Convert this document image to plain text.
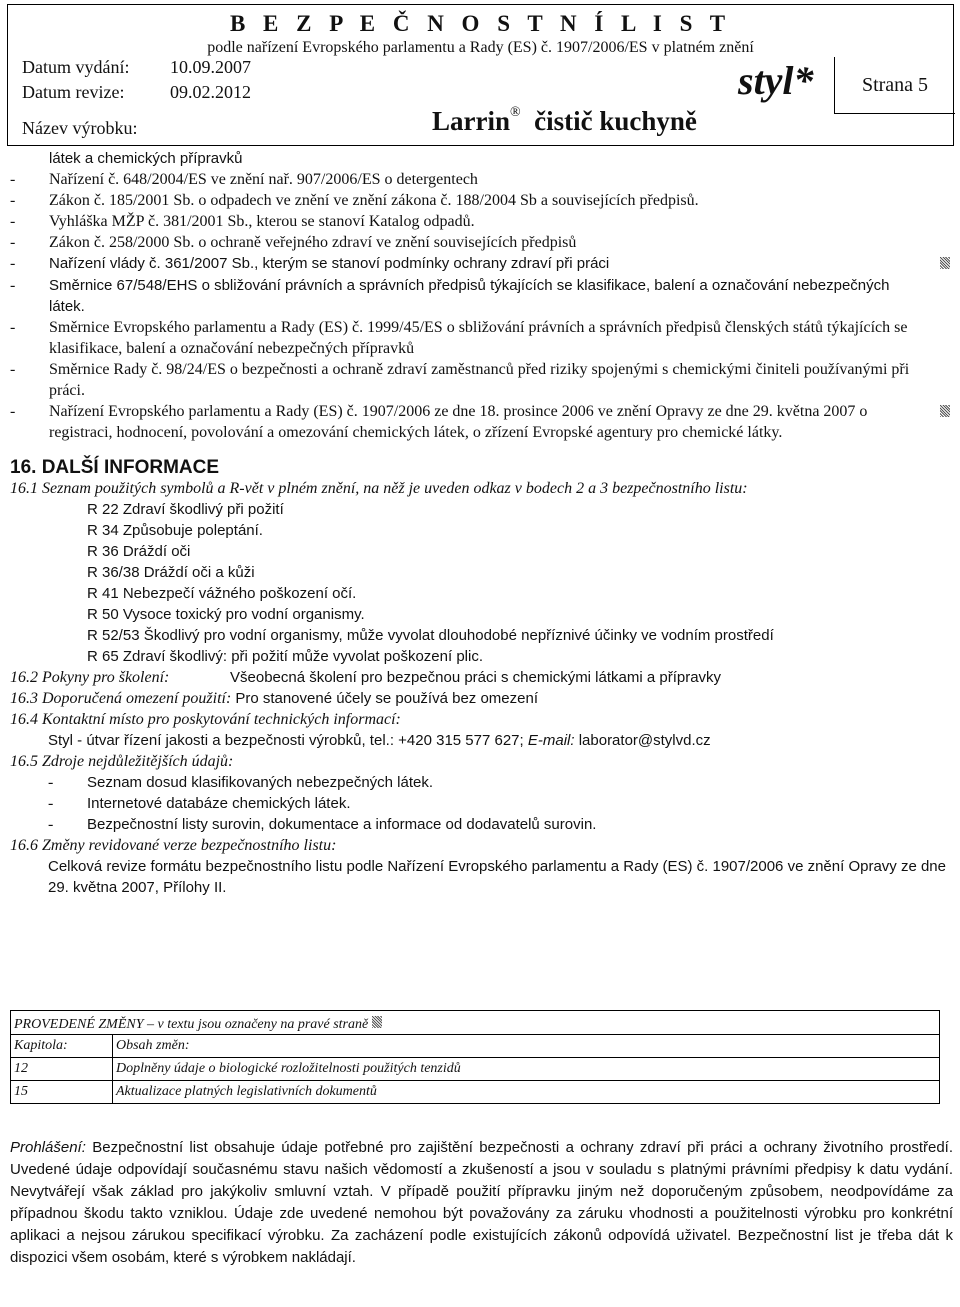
B E Z P E Č N O S T N Í L I S T
podle nařízení Evropského parlamentu a Rady (ES) č. 1907/2006/ES v platném znění
Datum vydání: 10.09.2007
Datum revize:	09.02.2012	styl*	Strana 5
Název výrobku:	Larrin® čistič kuchyně
látek a chemických přípravků
-	Nařízení č. 648/2004/ES ve znění nař. 907/2006/ES o detergentech
-	Zákon č. 185/2001 Sb. o odpadech ve znění ve znění zákona č. 188/2004 Sb a souvisejících předpisů.
-	Vyhláška MŽP č. 381/2001 Sb., kterou se stanoví Katalog odpadů.
-	Zákon č. 258/2000 Sb. o ochraně veřejného zdraví ve znění souvisejících předpisů
-	Nařízení vlády č. 361/2007 Sb., kterým se stanoví podmínky ochrany zdraví při práci
-	Směrnice 67/548/EHS o sbližování právních a správních předpisů týkajících se klasifikace, balení a označování nebezpečných látek.
-	Směrnice Evropského parlamentu a Rady (ES) č. 1999/45/ES o sbližování právních a správních předpisů členských států týkajících se klasifikace, balení a označování nebezpečných přípravků
-	Směrnice Rady č. 98/24/ES o bezpečnosti a ochraně zdraví zaměstnanců před riziky spojenými s chemickými činiteli používanými při práci.
-	Nařízení Evropského parlamentu a Rady (ES) č. 1907/2006 ze dne 18. prosince 2006 ve znění Opravy ze dne 29. května 2007 o registraci, hodnocení, povolování a omezování chemických látek, o zřízení Evropské agentury pro chemické látky.
16. DALŠÍ INFORMACE
16.1 Seznam použitých symbolů a R-vět v plném znění, na něž je uveden odkaz v bodech 2 a 3 bezpečnostního listu:
R 22 Zdraví škodlivý při požití
R 34 Způsobuje poleptání.
R 36 Dráždí oči
R 36/38 Dráždí oči a kůži
R 41 Nebezpečí vážného poškození očí.
R 50 Vysoce toxický pro vodní organismy.
R 52/53 Škodlivý pro vodní organismy, může vyvolat dlouhodobé nepříznivé účinky ve vodním prostředí
R 65 Zdraví škodlivý: při požití může vyvolat poškození plic.
16.2 Pokyny pro školení:	Všeobecná školení pro bezpečnou práci s chemickými látkami a přípravky
16.3 Doporučená omezení použití: Pro stanovené účely se používá bez omezení
16.4 Kontaktní místo pro poskytování technických informací:
Styl - útvar řízení jakosti a bezpečnosti výrobků, tel.: +420 315 577 627; E-mail: laborator@stylvd.cz
16.5 Zdroje nejdůležitějších údajů:
-	Seznam dosud klasifikovaných nebezpečných látek.
-	Internetové databáze chemických látek.
-	Bezpečnostní listy surovin, dokumentace a informace od dodavatelů surovin.
16.6 Změny revidované verze bezpečnostního listu:
Celková revize formátu bezpečnostního listu podle Nařízení Evropského parlamentu a Rady (ES) č. 1907/2006 ve znění Opravy ze dne 29. května 2007, Přílohy II.
PROVEDENÉ ZMĚNY – v textu jsou označeny na pravé straně	
Kapitola:	Obsah změn:
12	Doplněny údaje o biologické rozložitelnosti použitých tenzidů
15	Aktualizace platných legislativních dokumentů
Prohlášení: Bezpečnostní list obsahuje údaje potřebné pro zajištění bezpečnosti a ochrany zdraví při práci a ochrany životního prostředí. Uvedené údaje odpovídají současnému stavu našich vědomostí a zkušeností a jsou v souladu s platnými právními předpisy k datu vydání. Nevytvářejí však základ pro jakýkoliv smluvní vztah. V případě použití přípravku jiným než doporučeným způsobem, neodpovídáme za případnou škodu takto vzniklou. Údaje zde uvedené nemohou být považovány za záruku vhodnosti a použitelnosti výrobku pro konkrétní aplikaci a nejsou zárukou specifikací výrobku. Za zacházení podle existujících zákonů odpovídá uživatel. Bezpečnostní list je třeba dát k dispozici všem osobám, které s výrobkem nakládají.
